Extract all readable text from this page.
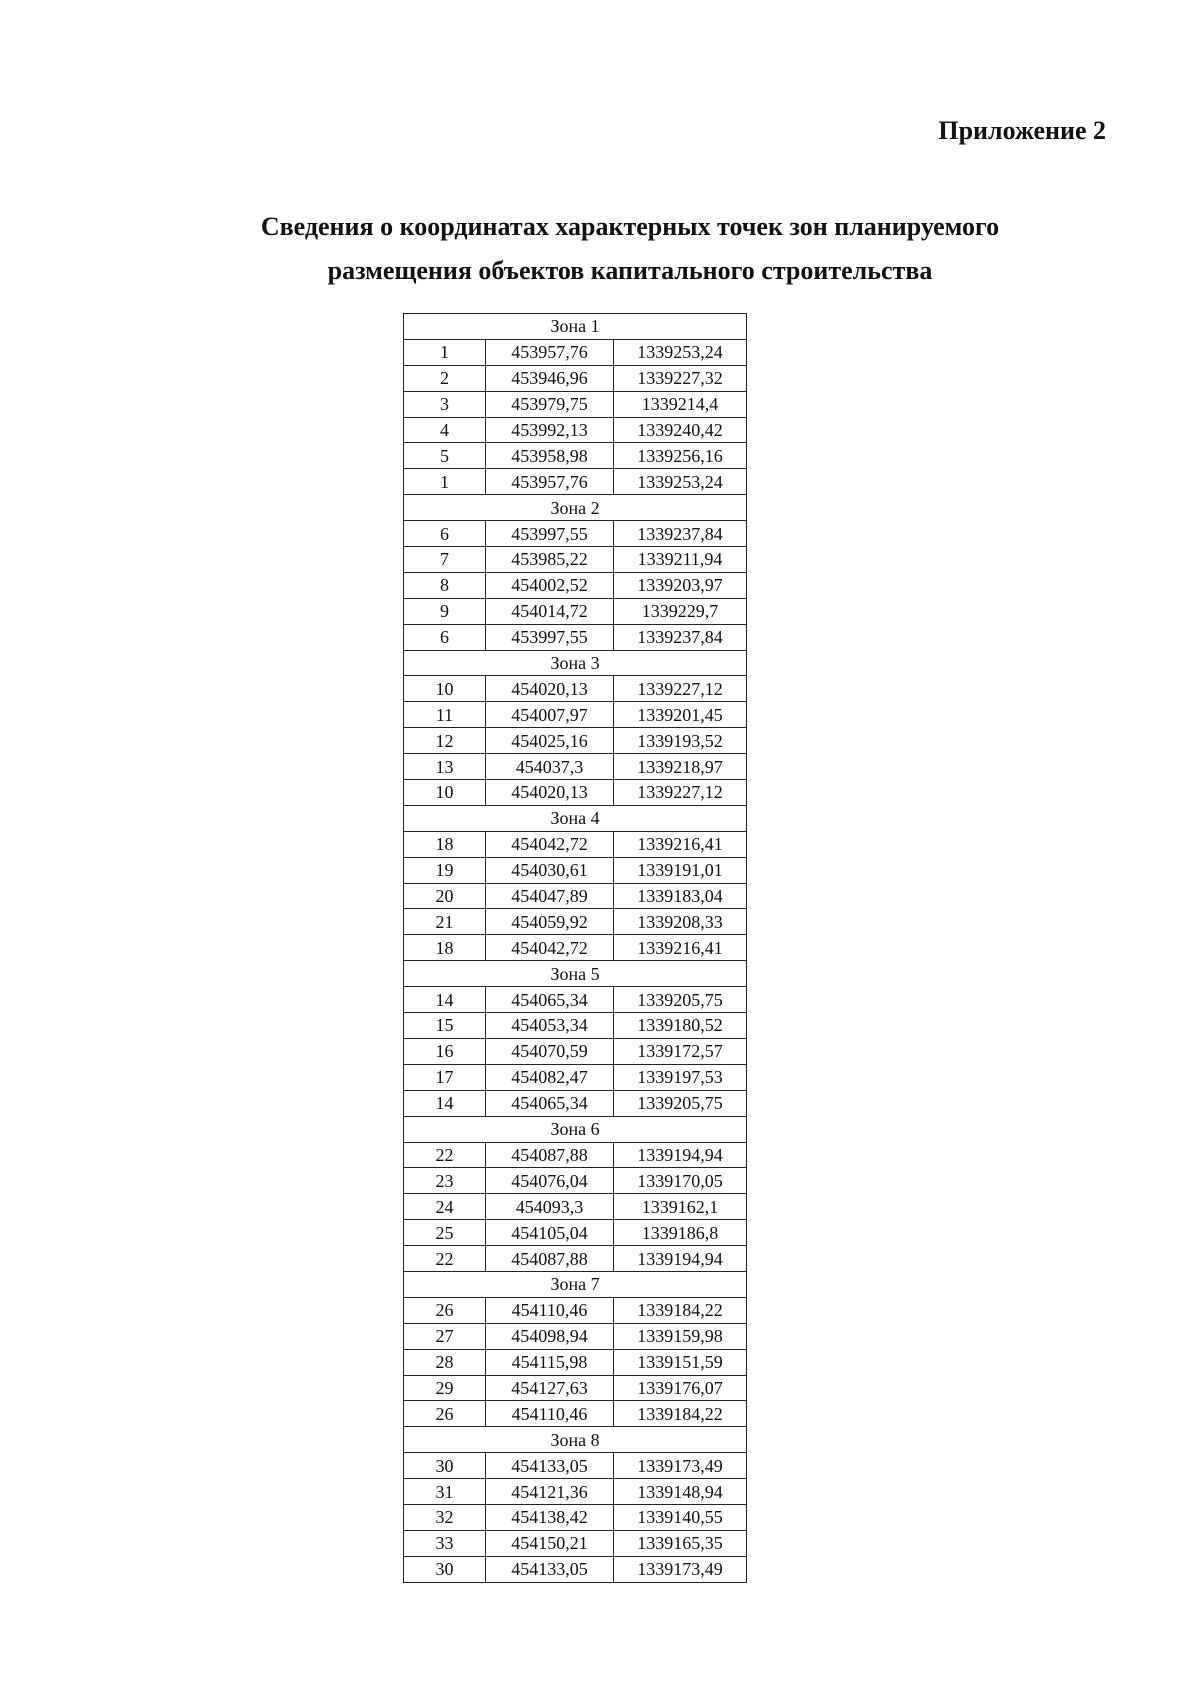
Приложение 2
Сведения о координатах характерных точек зон планируемого
размещения объектов капитального строительства
Зона 1		
1	453957,76	1339253,24
2	453946,96	1339227,32
3	453979,75	1339214,4
4	453992,13	1339240,42
5	453958,98	1339256,16
1	453957,76	1339253,24
Зона 2		
6	453997,55	1339237,84
7	453985,22	1339211,94
8	454002,52	1339203,97
9	454014,72	1339229,7
6	453997,55	1339237,84
Зона 3		
10	454020,13	1339227,12
11	454007,97	1339201,45
12	454025,16	1339193,52
13	454037,3	1339218,97
10	454020,13	1339227,12
Зона 4		
18	454042,72	1339216,41
19	454030,61	1339191,01
20	454047,89	1339183,04
21	454059,92	1339208,33
18	454042,72	1339216,41
Зона 5		
14	454065,34	1339205,75
15	454053,34	1339180,52
16	454070,59	1339172,57
17	454082,47	1339197,53
14	454065,34	1339205,75
Зона 6		
22	454087,88	1339194,94
23	454076,04	1339170,05
24	454093,3	1339162,1
25	454105,04	1339186,8
22	454087,88	1339194,94
Зона 7		
26	454110,46	1339184,22
27	454098,94	1339159,98
28	454115,98	1339151,59
29	454127,63	1339176,07
26	454110,46	1339184,22
Зона 8		
30	454133,05	1339173,49
31	454121,36	1339148,94
32	454138,42	1339140,55
33	454150,21	1339165,35
30	454133,05	1339173,49
